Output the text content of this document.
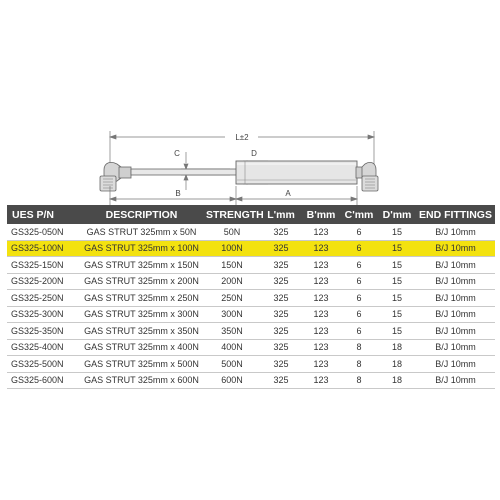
L±2
C	D
B	A
UES P/N	DESCRIPTION	STRENGTH	L'mm	B'mm	C'mm	D'mm	END FITTINGS
GS325-050N	GAS STRUT 325mm x 50N	50N	325	123	6	15	B/J 10mm
GS325-100N	GAS STRUT 325mm x 100N	100N	325	123	6	15	B/J 10mm
GS325-150N	GAS STRUT 325mm x 150N	150N	325	123	6	15	B/J 10mm
GS325-200N	GAS STRUT 325mm x 200N	200N	325	123	6	15	B/J 10mm
GS325-250N	GAS STRUT 325mm x 250N	250N	325	123	6	15	B/J 10mm
GS325-300N	GAS STRUT 325mm x 300N	300N	325	123	6	15	B/J 10mm
GS325-350N	GAS STRUT 325mm x 350N	350N	325	123	6	15	B/J 10mm
GS325-400N	GAS STRUT 325mm x 400N	400N	325	123	8	18	B/J 10mm
GS325-500N	GAS STRUT 325mm x 500N	500N	325	123	8	18	B/J 10mm
GS325-600N	GAS STRUT 325mm x 600N	600N	325	123	8	18	B/J 10mm
